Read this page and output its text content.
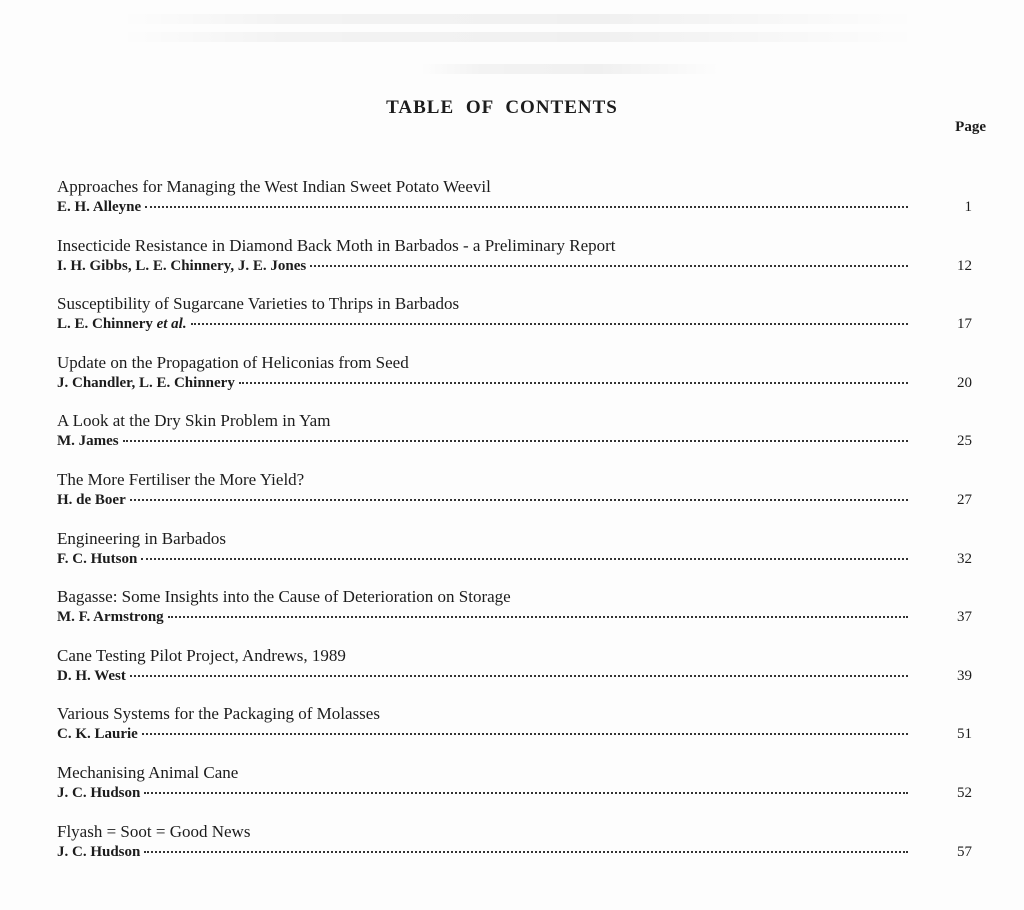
TABLE OF CONTENTS
Page
Approaches for Managing the West Indian Sweet Potato Weevil
E. H. Alleyne	1
Insecticide Resistance in Diamond Back Moth in Barbados - a Preliminary Report
I. H. Gibbs, L. E. Chinnery, J. E. Jones	12
Susceptibility of Sugarcane Varieties to Thrips in Barbados
L. E. Chinnery et al.	17
Update on the Propagation of Heliconias from Seed
J. Chandler, L. E. Chinnery	20
A Look at the Dry Skin Problem in Yam
M. James	25
The More Fertiliser the More Yield?
H. de Boer	27
Engineering in Barbados
F. C. Hutson	32
Bagasse: Some Insights into the Cause of Deterioration on Storage
M. F. Armstrong	37
Cane Testing Pilot Project, Andrews, 1989
D. H. West	39
Various Systems for the Packaging of Molasses
C. K. Laurie	51
Mechanising Animal Cane
J. C. Hudson	52
Flyash = Soot = Good News
J. C. Hudson	57
